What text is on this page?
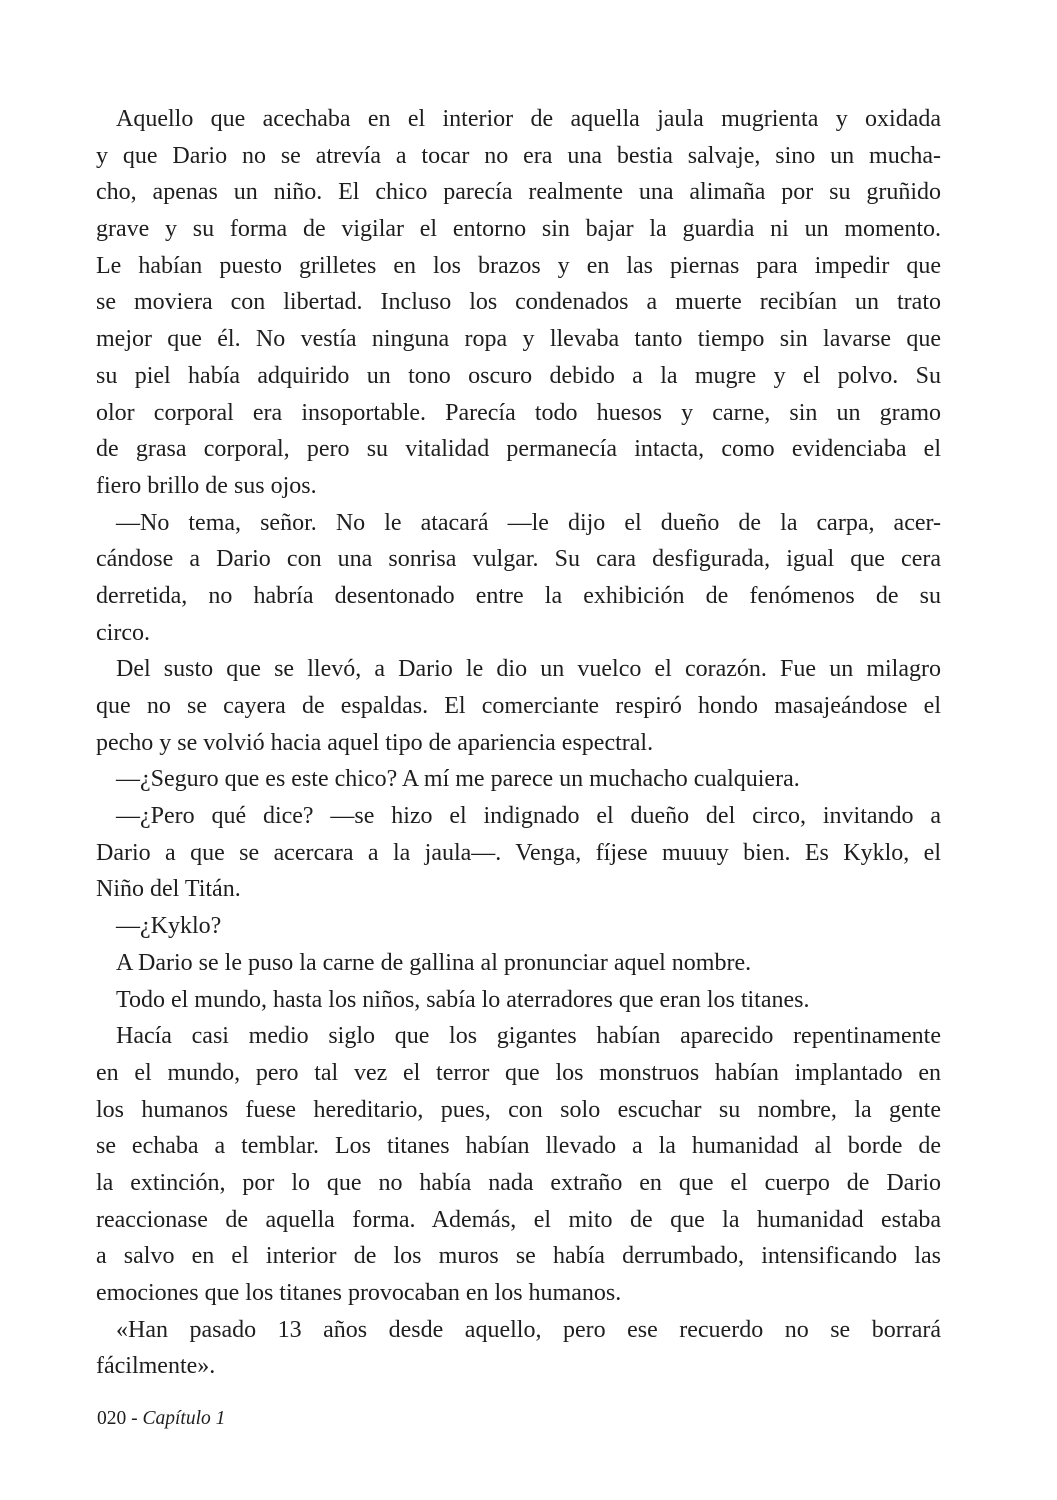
Aquello que acechaba en el interior de aquella jaula mugrienta y oxidada
y que Dario no se atrevía a tocar no era una bestia salvaje, sino un mucha-
cho, apenas un niño. El chico parecía realmente una alimaña por su gruñido
grave y su forma de vigilar el entorno sin bajar la guardia ni un momento.
Le habían puesto grilletes en los brazos y en las piernas para impedir que
se moviera con libertad. Incluso los condenados a muerte recibían un trato
mejor que él. No vestía ninguna ropa y llevaba tanto tiempo sin lavarse que
su piel había adquirido un tono oscuro debido a la mugre y el polvo. Su
olor corporal era insoportable. Parecía todo huesos y carne, sin un gramo
de grasa corporal, pero su vitalidad permanecía intacta, como evidenciaba el
fiero brillo de sus ojos.
—No tema, señor. No le atacará —le dijo el dueño de la carpa, acer-
cándose a Dario con una sonrisa vulgar. Su cara desfigurada, igual que cera
derretida, no habría desentonado entre la exhibición de fenómenos de su
circo.
Del susto que se llevó, a Dario le dio un vuelco el corazón. Fue un milagro
que no se cayera de espaldas. El comerciante respiró hondo masajeándose el
pecho y se volvió hacia aquel tipo de apariencia espectral.
—¿Seguro que es este chico? A mí me parece un muchacho cualquiera.
—¿Pero qué dice? —se hizo el indignado el dueño del circo, invitando a
Dario a que se acercara a la jaula—. Venga, fíjese muuuy bien. Es Kyklo, el
Niño del Titán.
—¿Kyklo?
A Dario se le puso la carne de gallina al pronunciar aquel nombre.
Todo el mundo, hasta los niños, sabía lo aterradores que eran los titanes.
Hacía casi medio siglo que los gigantes habían aparecido repentinamente
en el mundo, pero tal vez el terror que los monstruos habían implantado en
los humanos fuese hereditario, pues, con solo escuchar su nombre, la gente
se echaba a temblar. Los titanes habían llevado a la humanidad al borde de
la extinción, por lo que no había nada extraño en que el cuerpo de Dario
reaccionase de aquella forma. Además, el mito de que la humanidad estaba
a salvo en el interior de los muros se había derrumbado, intensificando las
emociones que los titanes provocaban en los humanos.
«Han pasado 13 años desde aquello, pero ese recuerdo no se borrará
fácilmente».
020 - Capítulo 1
